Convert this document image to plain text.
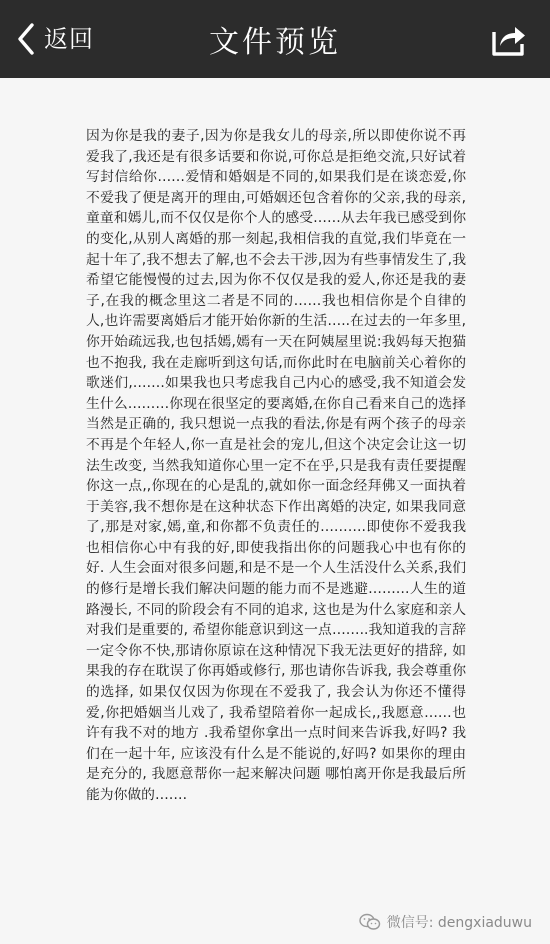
返回	文件预览

因为你是我的妻子,因为你是我女儿的母亲,所以即使你说不再爱我了,我还是有很多话要和你说,可你总是拒绝交流,只好试着写封信给你……爱情和婚姻是不同的,如果我们是在谈恋爱,你不爱我了便是离开的理由,可婚姻还包含着你的父亲,我的母亲,童童和嫣儿,而不仅仅是你个人的感受……从去年我已感受到你的变化,从别人离婚的那一刻起,我相信我的直觉,我们毕竟在一起十年了,我不想去了解,也不会去干涉,因为有些事情发生了,我希望它能慢慢的过去,因为你不仅仅是我的爱人,你还是我的妻子,在我的概念里这二者是不同的……我也相信你是个自律的人,也许需要离婚后才能开始你新的生活…..在过去的一年多里,你开始疏远我,也包括嫣,嫣有一天在阿姨屋里说:我妈每天抱猫也不抱我, 我在走廊听到这句话,而你此时在电脑前关心着你的歌迷们,…….如果我也只考虑我自己内心的感受,我不知道会发生什么………你现在很坚定的要离婚,在你自己看来自己的选择当然是正确的, 我只想说一点我的看法,你是有两个孩子的母亲不再是个年轻人,你一直是社会的宠儿,但这个决定会让这一切法生改变, 当然我知道你心里一定不在乎,只是我有责任要提醒你这一点,,你现在的心是乱的,就如你一面念经拜佛又一面执着于美容,我不想你是在这种状态下作出离婚的决定, 如果我同意了,那是对家,嫣,童,和你都不负责任的……….即使你不爱我我也相信你心中有我的好,即使我指出你的问题我心中也有你的好. 人生会面对很多问题,和是不是一个人生活没什么关系,我们的修行是增长我们解决问题的能力而不是逃避………人生的道路漫长, 不同的阶段会有不同的追求, 这也是为什么家庭和亲人对我们是重要的, 希望你能意识到这一点……..我知道我的言辞一定令你不快,那请你原谅在这种情况下我无法更好的措辞, 如果我的存在耽误了你再婚或修行, 那也请你告诉我, 我会尊重你的选择, 如果仅仅因为你现在不爱我了, 我会认为你还不懂得爱,你把婚姻当儿戏了, 我希望陪着你一起成长,,我愿意……也许有我不对的地方 .我希望你拿出一点时间来告诉我,好吗? 我们在一起十年, 应该没有什么是不能说的,好吗? 如果你的理由是充分的, 我愿意帮你一起来解决问题 哪怕离开你是我最后所能为你做的…….

微信号: dengxiaduwu
